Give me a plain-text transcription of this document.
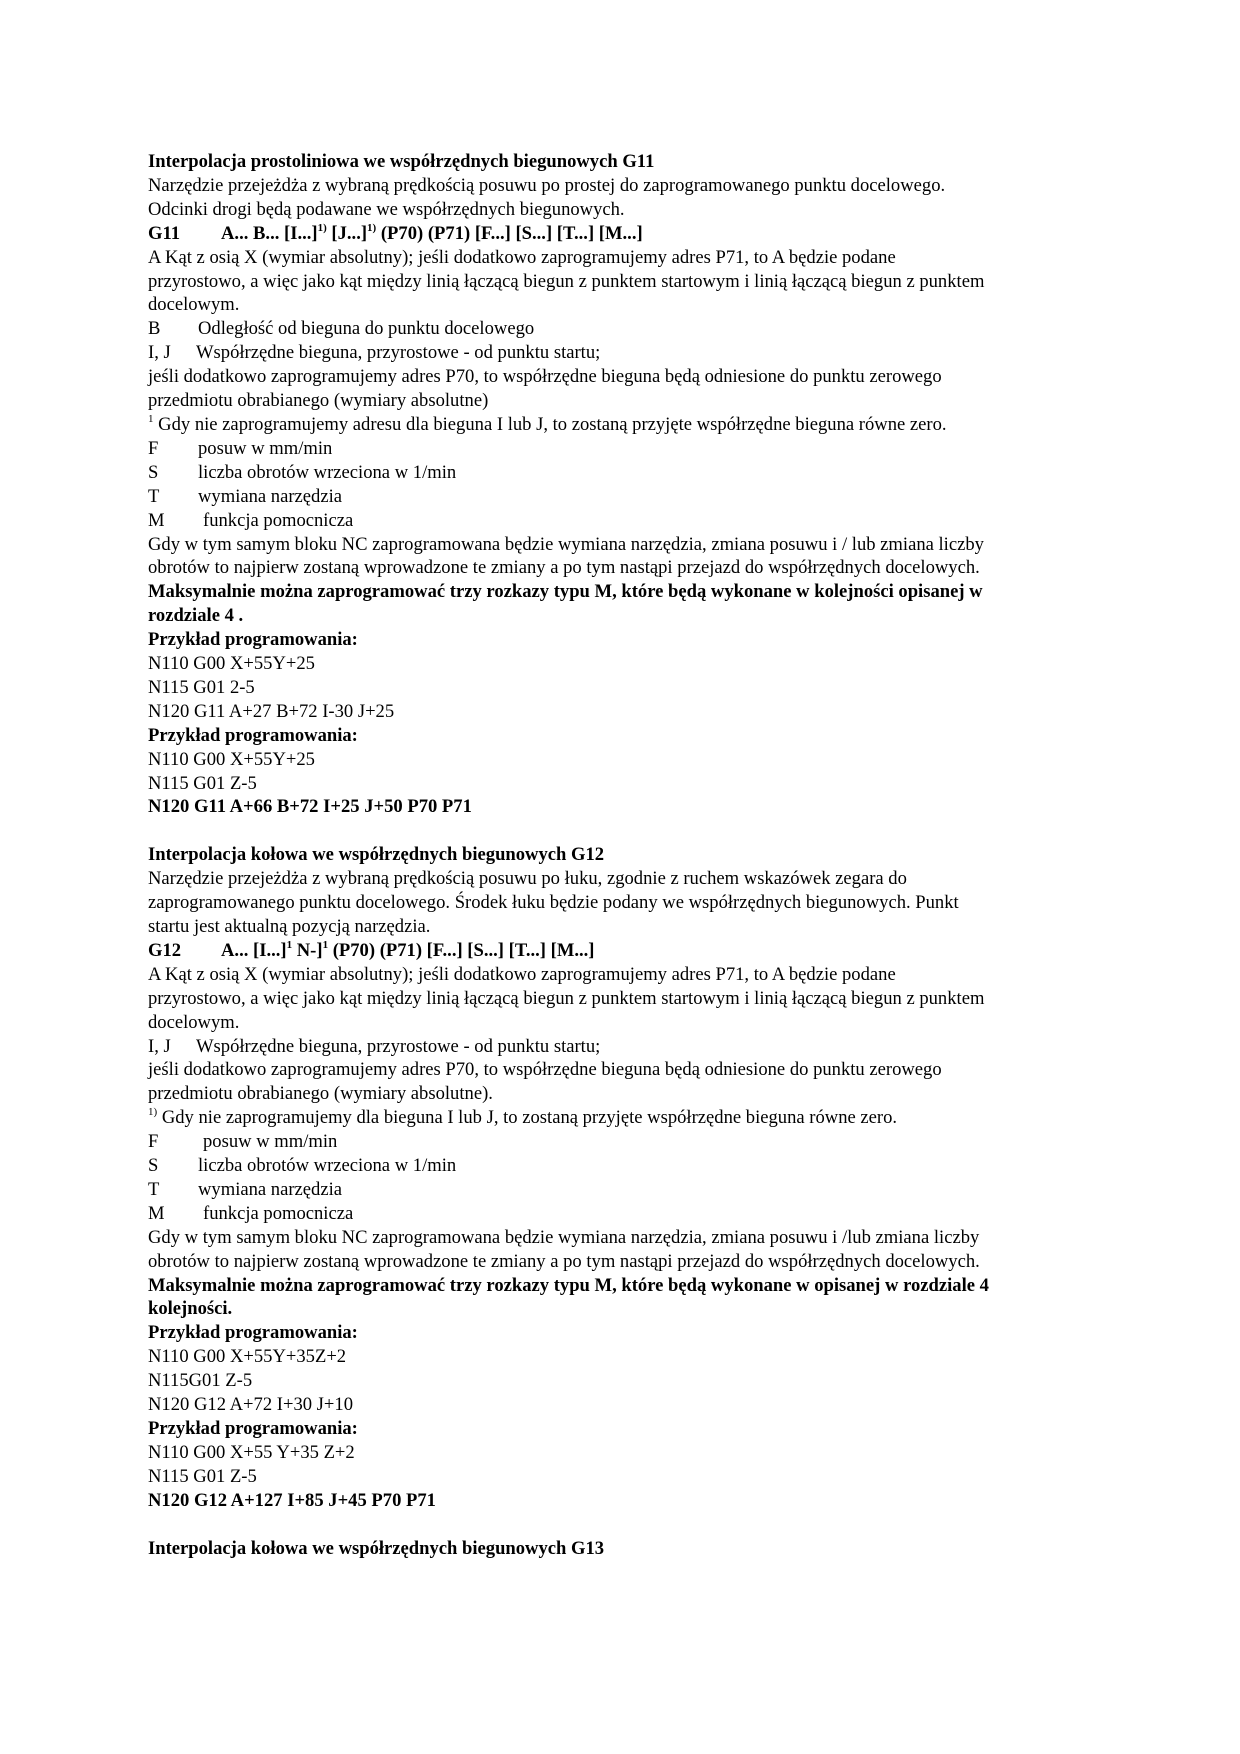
Interpolacja prostoliniowa we współrzędnych biegunowych G11
Narzędzie przejeżdża z wybraną prędkością posuwu po prostej do zaprogramowanego punktu docelowego.
Odcinki drogi będą podawane we współrzędnych biegunowych.
G11	A... B... $[I...]^{1)}$ $[J...]^{1)}$ (P70) (P71) [F...] [S...] [T...] [M...]
A Kąt z osią X (wymiar absolutny); jeśli dodatkowo zaprogramujemy adres P71, to A będzie podane
przyrostowo, a więc jako kąt między linią łączącą biegun z punktem startowym i linią łączącą biegun z punktem
docelowym.
B	Odległość od bieguna do punktu docelowego
I, J	Współrzędne bieguna, przyrostowe - od punktu startu;
jeśli dodatkowo zaprogramujemy adres P70, to współrzędne bieguna będą odniesione do punktu zerowego
przedmiotu obrabianego (wymiary absolutne)
$^1$ Gdy nie zaprogramujemy adresu dla bieguna I lub J, to zostaną przyjęte współrzędne bieguna równe zero.
F	posuw w mm/min
S	liczba obrotów wrzeciona w 1/min
T	wymiana narzędzia
M	funkcja pomocnicza
Gdy w tym samym bloku NC zaprogramowana będzie wymiana narzędzia, zmiana posuwu i / lub zmiana liczby
obrotów to najpierw zostaną wprowadzone te zmiany a po tym nastąpi przejazd do współrzędnych docelowych.
Maksymalnie można zaprogramować trzy rozkazy typu M, które będą wykonane w kolejności opisanej w
rozdziale 4 .
Przykład programowania:
N110 G00 X+55Y+25
N115 G01 2-5
N120 G11 A+27 B+72 I-30 J+25
Przykład programowania:
N110 G00 X+55Y+25
N115 G01 Z-5
N120 G11 A+66 B+72 I+25 J+50 P70 P71
Interpolacja kołowa we współrzędnych biegunowych G12
Narzędzie przejeżdża z wybraną prędkością posuwu po łuku, zgodnie z ruchem wskazówek zegara do
zaprogramowanego punktu docelowego. Środek łuku będzie podany we współrzędnych biegunowych. Punkt
startu jest aktualną pozycją narzędzia.
G12	A... $[I...]^1$ N-]$^1$ (P70) (P71) [F...] [S...] [T...] [M...]
A Kąt z osią X (wymiar absolutny); jeśli dodatkowo zaprogramujemy adres P71, to A będzie podane
przyrostowo, a więc jako kąt między linią łączącą biegun z punktem startowym i linią łączącą biegun z punktem
docelowym.
I, J	Współrzędne bieguna, przyrostowe - od punktu startu;
jeśli dodatkowo zaprogramujemy adres P70, to współrzędne bieguna będą odniesione do punktu zerowego
przedmiotu obrabianego (wymiary absolutne).
$^{1)}$ Gdy nie zaprogramujemy dla bieguna I lub J, to zostaną przyjęte współrzędne bieguna równe zero.
F	posuw w mm/min
S	liczba obrotów wrzeciona w 1/min
T	wymiana narzędzia
M	funkcja pomocnicza
Gdy w tym samym bloku NC zaprogramowana będzie wymiana narzędzia, zmiana posuwu i /lub zmiana liczby
obrotów to najpierw zostaną wprowadzone te zmiany a po tym nastąpi przejazd do współrzędnych docelowych.
Maksymalnie można zaprogramować trzy rozkazy typu M, które będą wykonane w opisanej w rozdziale 4
kolejności.
Przykład programowania:
N110 G00 X+55Y+35Z+2
N115G01 Z-5
N120 G12 A+72 I+30 J+10
Przykład programowania:
N110 G00 X+55 Y+35 Z+2
N115 G01 Z-5
N120 G12 A+127 I+85 J+45 P70 P71
Interpolacja kołowa we współrzędnych biegunowych G13
